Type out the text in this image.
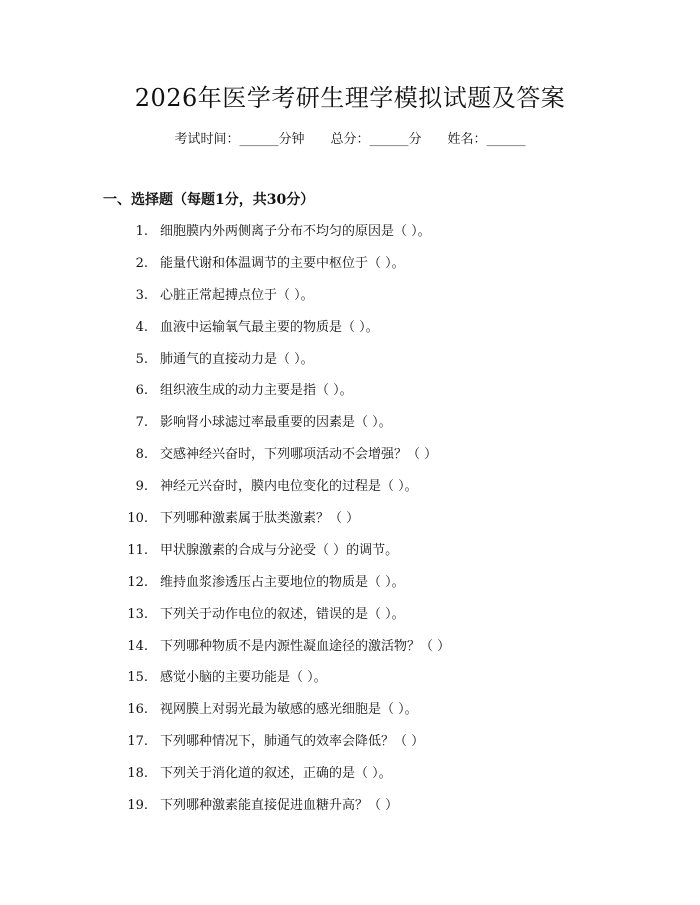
2026年医学考研生理学模拟试题及答案
考试时间：______分钟　　总分：______分　　姓名：______
一、选择题（每题1分，共30分）
1. 细胞膜内外两侧离子分布不均匀的原因是（ ）。
2. 能量代谢和体温调节的主要中枢位于（ ）。
3. 心脏正常起搏点位于（ ）。
4. 血液中运输氧气最主要的物质是（ ）。
5. 肺通气的直接动力是（ ）。
6. 组织液生成的动力主要是指（ ）。
7. 影响肾小球滤过率最重要的因素是（ ）。
8. 交感神经兴奋时，下列哪项活动不会增强？（ ）
9. 神经元兴奋时，膜内电位变化的过程是（ ）。
10. 下列哪种激素属于肽类激素？（ ）
11. 甲状腺激素的合成与分泌受（ ）的调节。
12. 维持血浆渗透压占主要地位的物质是（ ）。
13. 下列关于动作电位的叙述，错误的是（ ）。
14. 下列哪种物质不是内源性凝血途径的激活物？（ ）
15. 感觉小脑的主要功能是（ ）。
16. 视网膜上对弱光最为敏感的感光细胞是（ ）。
17. 下列哪种情况下，肺通气的效率会降低？（ ）
18. 下列关于消化道的叙述，正确的是（ ）。
19. 下列哪种激素能直接促进血糖升高？（ ）
